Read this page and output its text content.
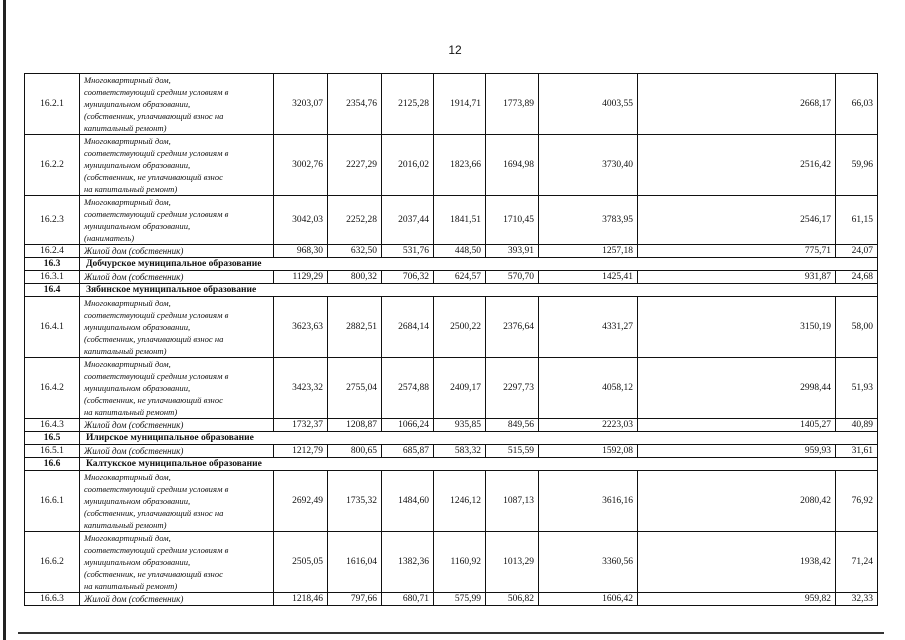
12
16.2.1	Многоквартирный дом,
соответствующий средним условиям в
муниципальном образовании,
(собственник, уплачивающий взнос на
капитальный ремонт)	3203,07	2354,76	2125,28	1914,71	1773,89	4003,55	2668,17	66,03
16.2.2	Многоквартирный дом,
соответствующий средним условиям в
муниципальном образовании,
(собственник, не уплачивающий взнос
на капитальный ремонт)	3002,76	2227,29	2016,02	1823,66	1694,98	3730,40	2516,42	59,96
16.2.3	Многоквартирный дом,
соответствующий средним условиям в
муниципальном образовании,
(наниматель)	3042,03	2252,28	2037,44	1841,51	1710,45	3783,95	2546,17	61,15
16.2.4	Жилой дом (собственник)	968,30	632,50	531,76	448,50	393,91	1257,18	775,71	24,07
16.3	Добчурское муниципальное образование								
16.3.1	Жилой дом (собственник)	1129,29	800,32	706,32	624,57	570,70	1425,41	931,87	24,68
16.4	Зябинское муниципальное образование								
16.4.1	Многоквартирный дом,
соответствующий средним условиям в
муниципальном образовании,
(собственник, уплачивающий взнос на
капитальный ремонт)	3623,63	2882,51	2684,14	2500,22	2376,64	4331,27	3150,19	58,00
16.4.2	Многоквартирный дом,
соответствующий средним условиям в
муниципальном образовании,
(собственник, не уплачивающий взнос
на капитальный ремонт)	3423,32	2755,04	2574,88	2409,17	2297,73	4058,12	2998,44	51,93
16.4.3	Жилой дом (собственник)	1732,37	1208,87	1066,24	935,85	849,56	2223,03	1405,27	40,89
16.5	Илирское муниципальное образование								
16.5.1	Жилой дом (собственник)	1212,79	800,65	685,87	583,32	515,59	1592,08	959,93	31,61
16.6	Калтукское муниципальное образование								
16.6.1	Многоквартирный дом,
соответствующий средним условиям в
муниципальном образовании,
(собственник, уплачивающий взнос на
капитальный ремонт)	2692,49	1735,32	1484,60	1246,12	1087,13	3616,16	2080,42	76,92
16.6.2	Многоквартирный дом,
соответствующий средним условиям в
муниципальном образовании,
(собственник, не уплачивающий взнос
на капитальный ремонт)	2505,05	1616,04	1382,36	1160,92	1013,29	3360,56	1938,42	71,24
16.6.3	Жилой дом (собственник)	1218,46	797,66	680,71	575,99	506,82	1606,42	959,82	32,33
